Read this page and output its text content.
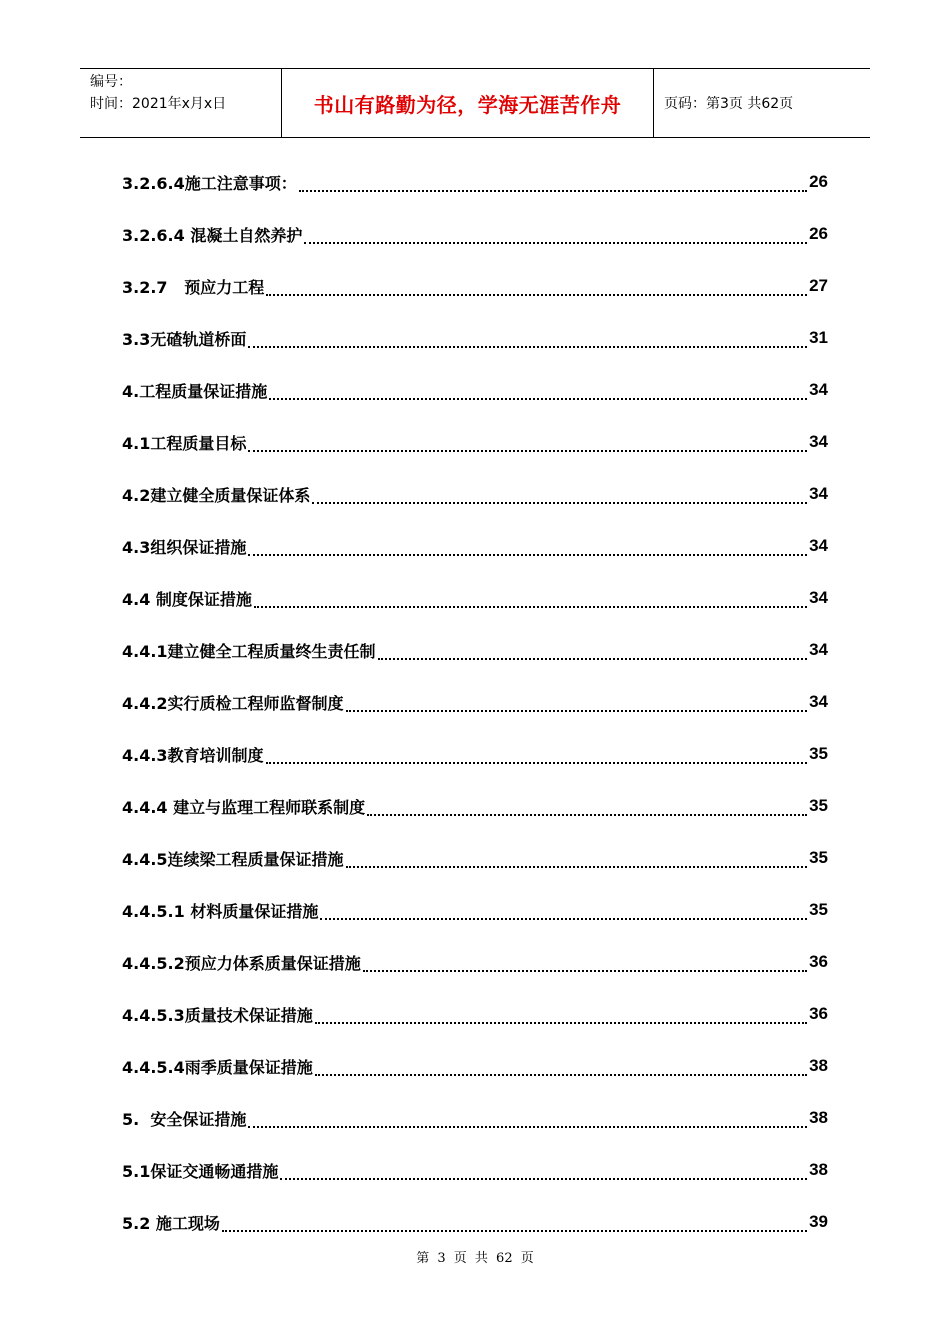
编号：
时间：2021年x月x日	书山有路勤为径，学海无涯苦作舟	页码：第3页 共62页
3.2.6.4施工注意事项：	26
3.2.6.4 混凝土自然养护	26
3.2.7   预应力工程	27
3.3无碴轨道桥面	31
4.工程质量保证措施	34
4.1工程质量目标	34
4.2建立健全质量保证体系	34
4.3组织保证措施	34
4.4 制度保证措施	34
4.4.1建立健全工程质量终生责任制	34
4.4.2实行质检工程师监督制度	34
4.4.3教育培训制度	35
4.4.4 建立与监理工程师联系制度	35
4.4.5连续梁工程质量保证措施	35
4.4.5.1 材料质量保证措施	35
4.4.5.2预应力体系质量保证措施	36
4.4.5.3质量技术保证措施	36
4.4.5.4雨季质量保证措施	38
5.  安全保证措施	38
5.1保证交通畅通措施	38
5.2 施工现场	39
第 3 页 共 62 页
